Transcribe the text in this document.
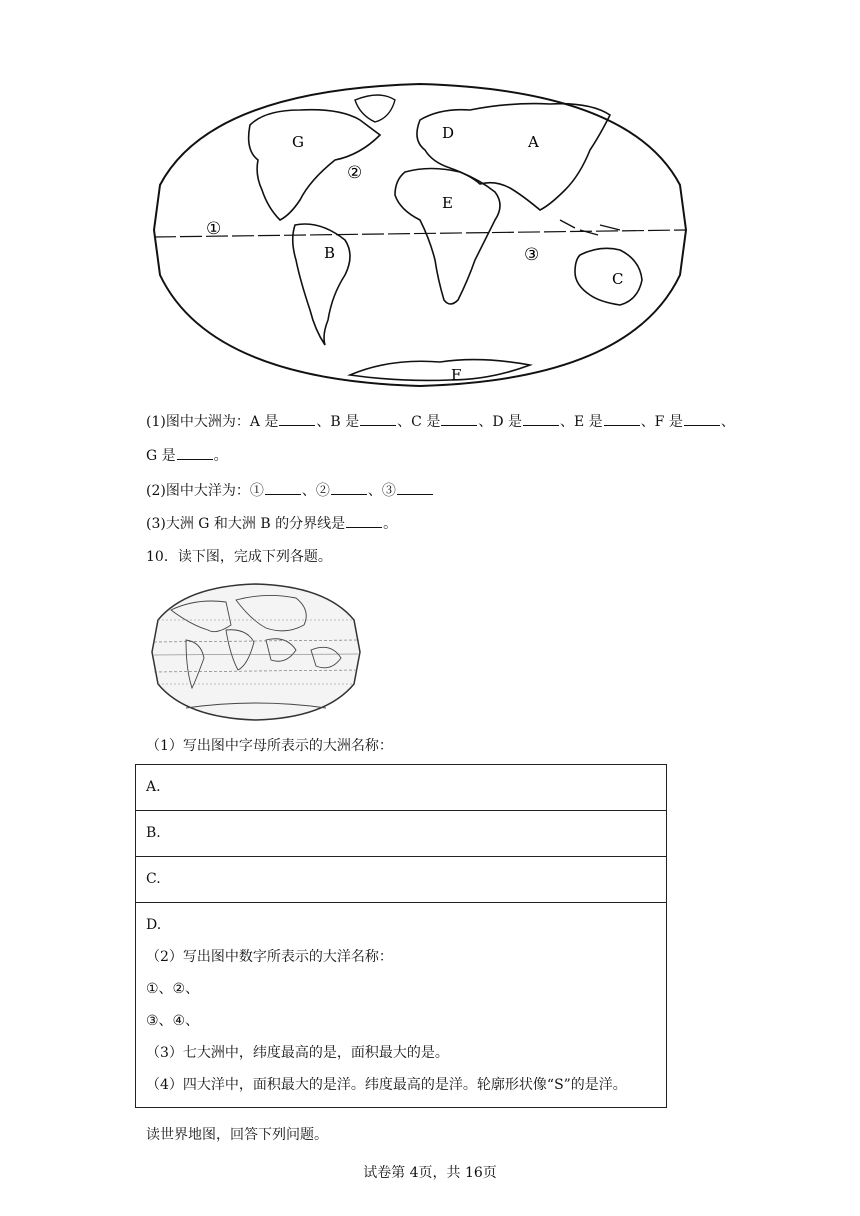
G	D	A
E
B
C
F
①
②
③
(1)图中大洲为：A 是	、B 是	、C 是	、D 是	、E 是	、F 是	、
G 是	。
(2)图中大洋为：①	、②	、③
(3)大洲 G 和大洲 B 的分界线是	。
10．读下图，完成下列各题。
（1）写出图中字母所表示的大洲名称：
A.
B.
C.

D.

（2）写出图中数字所表示的大洋名称：

①、②、

③、④、

（3）七大洲中，纬度最高的是，面积最大的是。

（4）四大洋中，面积最大的是洋。纬度最高的是洋。轮廓形状像“S”的是洋。

读世界地图，回答下列问题。
试卷第 4页，共 16页
